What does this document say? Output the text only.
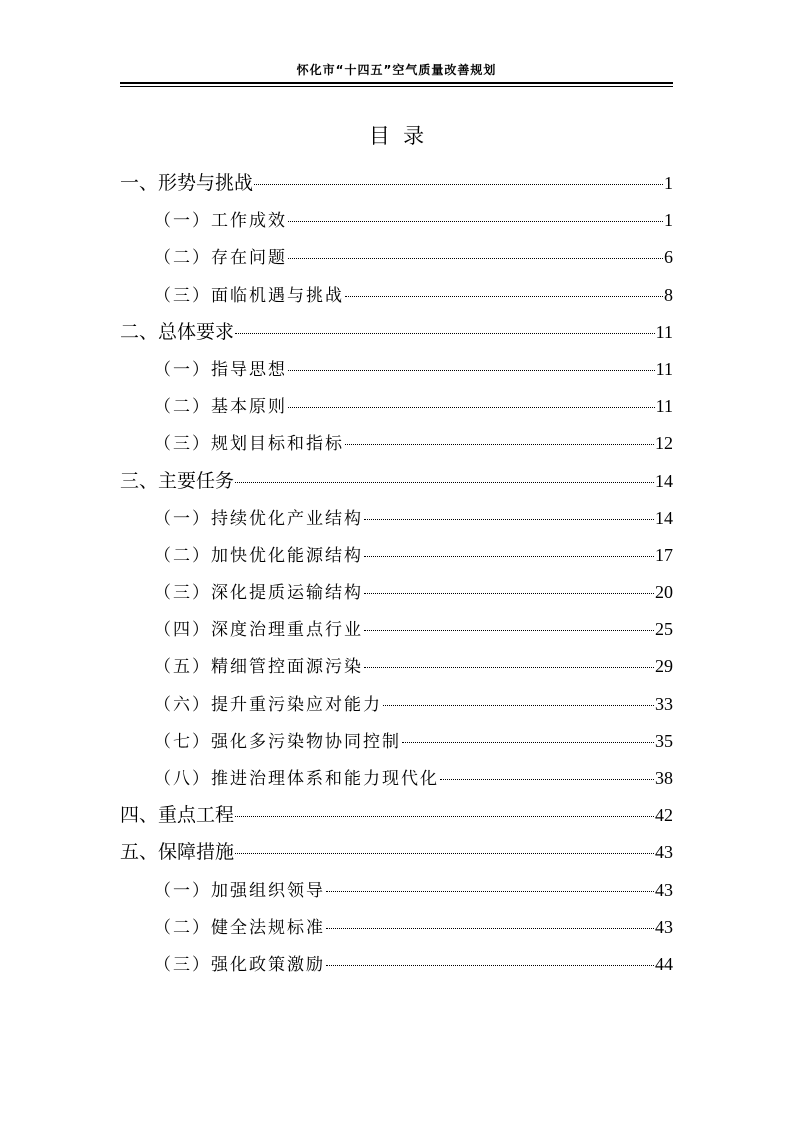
怀化市“十四五”空气质量改善规划
目  录
一、形势与挑战	1
（一）工作成效	1
（二）存在问题	6
（三）面临机遇与挑战	8
二、总体要求	11
（一）指导思想	11
（二）基本原则	11
（三）规划目标和指标	12
三、主要任务	14
（一）持续优化产业结构	14
（二）加快优化能源结构	17
（三）深化提质运输结构	20
（四）深度治理重点行业	25
（五）精细管控面源污染	29
（六）提升重污染应对能力	33
（七）强化多污染物协同控制	35
（八）推进治理体系和能力现代化	38
四、重点工程	42
五、保障措施	43
（一）加强组织领导	43
（二）健全法规标准	43
（三）强化政策激励	44
